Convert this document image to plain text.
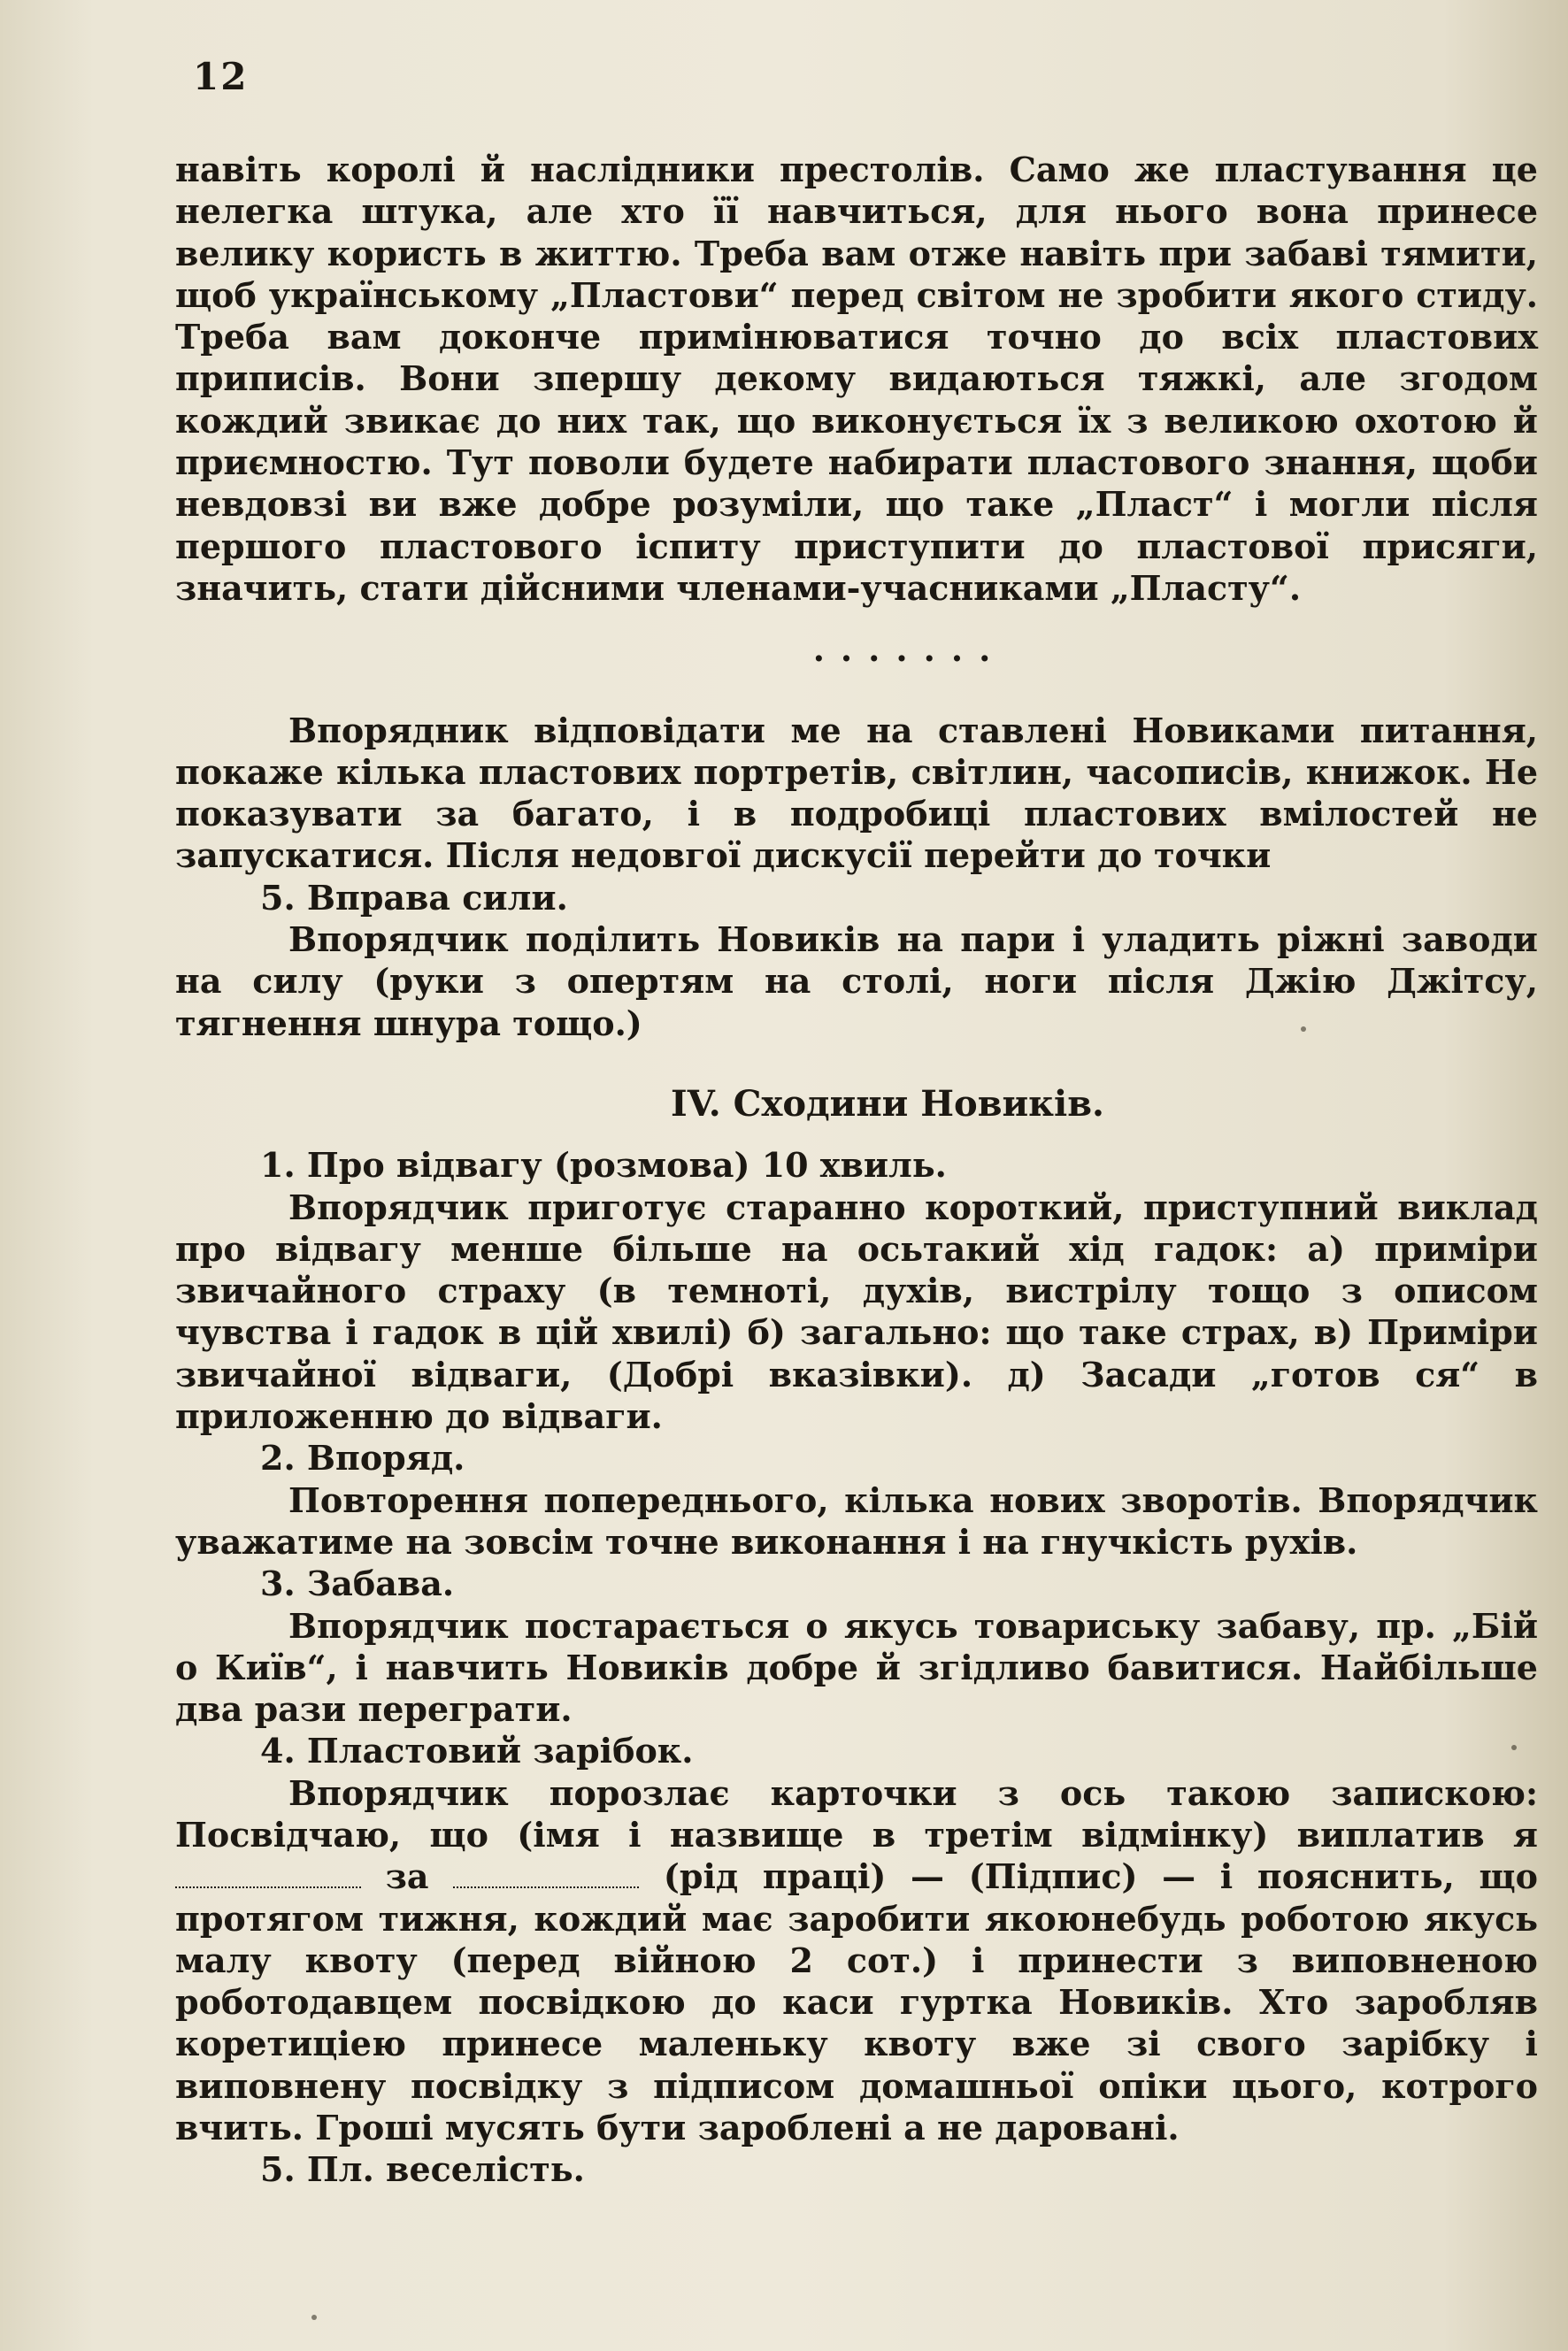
12

навіть королі й наслідники престолів. Само же пластування це нелегка штука, але хто її навчиться, для нього вона принесе велику користь в життю. Треба вам отже навіть при забаві тямити, щоб українському „Пластови“ перед світом не зробити якого стиду. Треба вам доконче примінюватися точно до всіх пластових приписів. Вони зпершу декому видаються тяжкі, але згодом кождий звикає до них так, що виконується їх з великою охотою й приємностю. Тут поволи будете набирати пластового знання, щоби невдовзі ви вже добре розуміли, що таке „Пласт“ і могли після першого пластового іспиту приступити до пластової присяги, значить, стати дійсними членами-учасниками „Пласту“.

.......

Впорядник відповідати ме на ставлені Новиками питання, покаже кілька пластових портретів, світлин, часописів, книжок. Не показувати за багато, і в подробиці пластових вмілостей не запускатися. Після недовгої дискусії перейти до точки

5. Вправа сили.

Впорядчик поділить Новиків на пари і уладить ріжні заводи на силу (руки з опертям на столі, ноги після Джію Джітсу, тягнення шнура тощо.)

IV. Сходини Новиків.

1. Про відвагу (розмова) 10 хвиль.

Впорядчик приготує старанно короткий, приступний виклад про відвагу менше більше на осьтакий хід гадок: а) приміри звичайного страху (в темноті, духів, вистрілу тощо з описом чувства і гадок в цій хвилі) б) загально: що таке страх, в) Приміри звичайної відваги, (Добрі вказівки). д) Засади „готов ся“ в приложенню до відваги.

2. Впоряд.

Повторення попереднього, кілька нових зворотів. Впорядчик уважатиме на зовсім точне виконання і на гнучкість рухів.

3. Забава.

Впорядчик постарається о якусь товариську забаву, пр. „Бій о Київ“, і навчить Новиків добре й згідливо бавитися. Найбільше два рази переграти.

4. Пластовий зарібок.

Впорядчик порозлає карточки з ось такою запискою: Посвідчаю, що (імя і назвище в третім відмінку) виплатив я за	(рід праці) — (Підпис) — і пояснить, що протягом тижня, кождий має заробити якоюнебудь роботою якусь малу квоту (перед війною 2 сот.) і принести з виповненою роботодавцем посвідкою до каси гуртка Новиків. Хто заробляв коретиціею принесе маленьку квоту вже зі свого зарібку і виповнену посвідку з підписом домашньої опіки цього, котрого вчить. Гроші мусять бути зароблені а не даровані.

5. Пл. веселість.
